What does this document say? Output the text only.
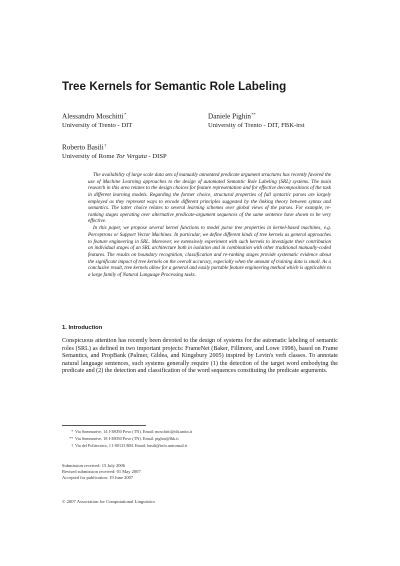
Tree Kernels for Semantic Role Labeling
Alessandro Moschitti*
University of Trento - DIT
Daniele Pighin**
University of Trento - DIT, FBK-irst
Roberto Basili†
University of Rome Tor Vergata - DISP

The availability of large scale data sets of manually annotated predicate argument structures has recently favored the use of Machine Learning approaches to the design of automated Semantic Role Labeling (SRL) systems. The main research in this area relates to the design choices for feature representation and for effective decompositions of the task in different learning models. Regarding the former choice, structural properties of full syntactic parses are largely employed as they represent ways to encode different principles suggested by the linking theory between syntax and semantics. The latter choice relates to several learning schemes over global views of the parses. For example, re-ranking stages operating over alternative predicate-argument sequences of the same sentence have shown to be very effective.

In this paper, we propose several kernel functions to model parse tree properties in kernel-based machines, e.g. Perceptrons or Support Vector Machines. In particular, we define different kinds of tree kernels as general approaches to feature engineering in SRL. Moreover, we extensively experiment with such kernels to investigate their contribution on individual stages of an SRL architecture both in isolation and in combination with other traditional manually-coded features. The results on boundary recognition, classification and re-ranking stages provide systematic evidence about the significant impact of tree kernels on the overall accuracy, especially when the amount of training data is small. As a conclusive result, tree kernels allow for a general and easily portable feature engineering method which is applicable to a large family of Natural Language Processing tasks.

1. Introduction

Conspicuous attention has recently been devoted to the design of systems for the automatic labeling of semantic roles (SRL) as defined in two important projects: FrameNet (Baker, Fillmore, and Lowe 1998), based on Frame Semantics, and PropBank (Palmer, Gildea, and Kingsbury 2005) inspired by Levin's verb classes. To annotate natural language sentences, such systems generally require (1) the detection of the target word embodying the predicate and (2) the detection and classification of the word sequences constituting the predicate arguments.

* Via Sommarive, 14 I-38050 Povo (TN). Email: moschitti@dit.unitn.it
** Via Sommarive, 18 I-38050 Povo (TN). Email: pighin@fbk.it
† Via del Politecnico, 1 I-00133 RM. Email: basili@info.uniroma2.it
Submission received: 15 July 2006
Revised submission received: 01 May 2007
Accepted for publication: 19 June 2007
© 2007 Association for Computational Linguistics
